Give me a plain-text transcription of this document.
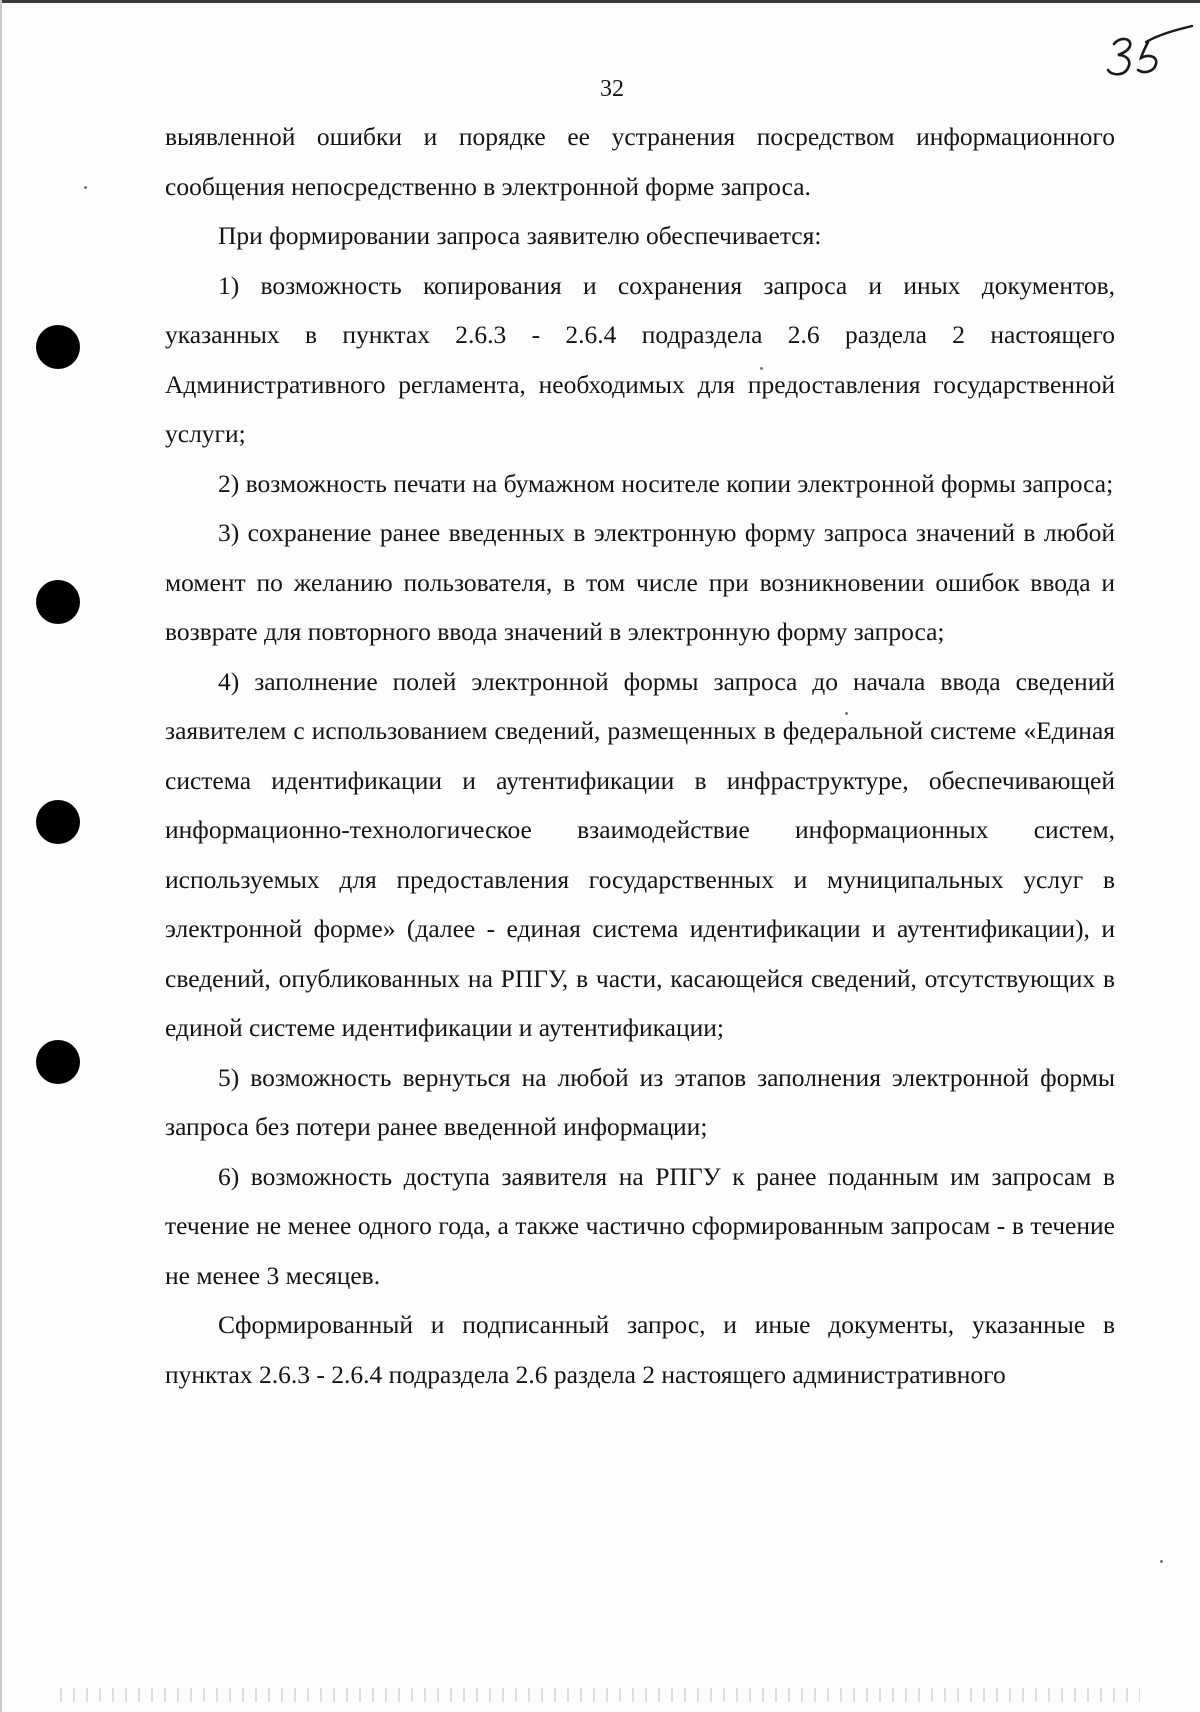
32

выявленной ошибки и порядке ее устранения посредством информационного сообщения непосредственно в электронной форме запроса.

При формировании запроса заявителю обеспечивается:

1) возможность копирования и сохранения запроса и иных документов, указанных в пунктах 2.6.3 - 2.6.4 подраздела 2.6 раздела 2 настоящего Административного регламента, необходимых для предоставления государственной услуги;

2) возможность печати на бумажном носителе копии электронной формы запроса;

3) сохранение ранее введенных в электронную форму запроса значений в любой момент по желанию пользователя, в том числе при возникновении ошибок ввода и возврате для повторного ввода значений в электронную форму запроса;

4) заполнение полей электронной формы запроса до начала ввода сведений заявителем с использованием сведений, размещенных в федеральной системе «Единая система идентификации и аутентификации в инфраструктуре, обеспечивающей информационно-технологическое взаимодействие информационных систем, используемых для предоставления государственных и муниципальных услуг в электронной форме» (далее - единая система идентификации и аутентификации), и сведений, опубликованных на РПГУ, в части, касающейся сведений, отсутствующих в единой системе идентификации и аутентификации;

5) возможность вернуться на любой из этапов заполнения электронной формы запроса без потери ранее введенной информации;

6) возможность доступа заявителя на РПГУ к ранее поданным им запросам в течение не менее одного года, а также частично сформированным запросам - в течение не менее 3 месяцев.

Сформированный и подписанный запрос, и иные документы, указанные в пунктах 2.6.3 - 2.6.4 подраздела 2.6 раздела 2 настоящего административного
